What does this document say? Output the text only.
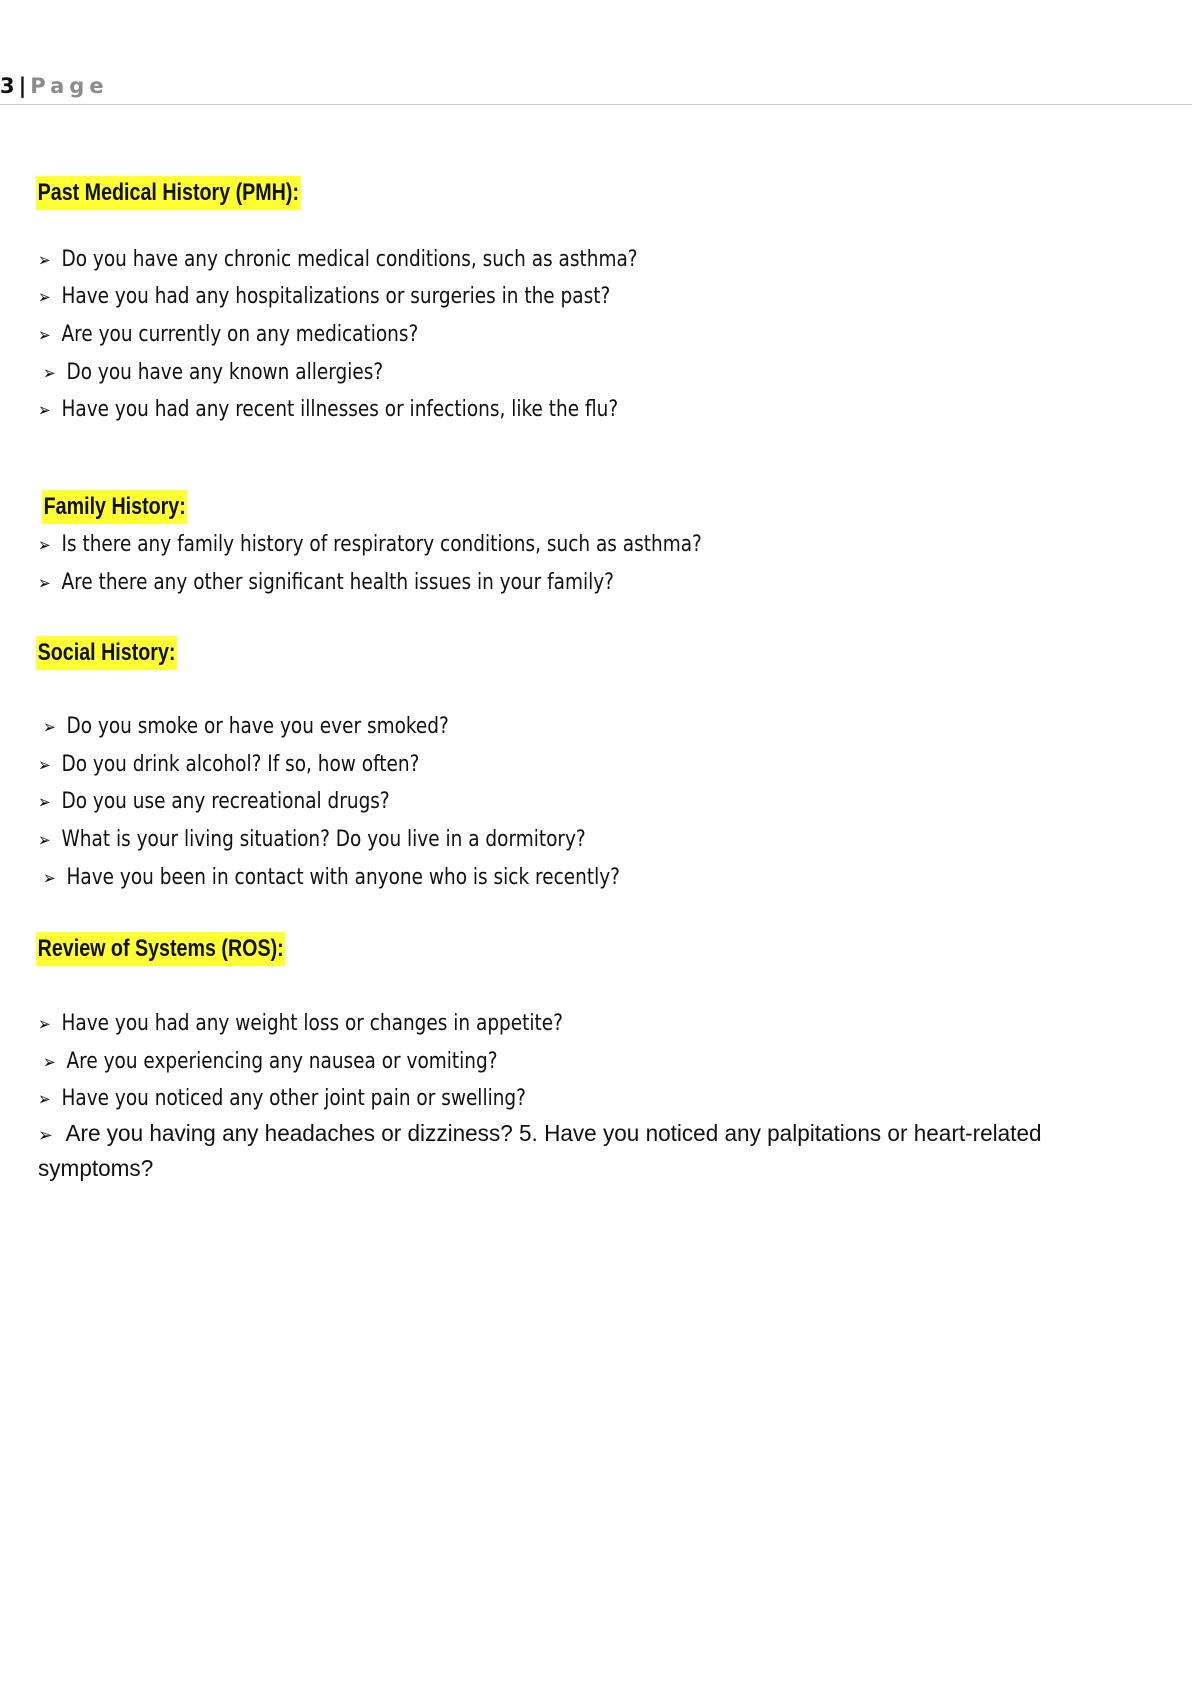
3 | Page
Past Medical History (PMH):

➢ Do you have any chronic medical conditions, such as asthma?

➢ Have you had any hospitalizations or surgeries in the past?

➢ Are you currently on any medications?

➢ Do you have any known allergies?

➢ Have you had any recent illnesses or infections, like the flu?

Family History:

➢ Is there any family history of respiratory conditions, such as asthma?

➢ Are there any other significant health issues in your family?

Social History:

➢ Do you smoke or have you ever smoked?

➢ Do you drink alcohol? If so, how often?

➢ Do you use any recreational drugs?

➢ What is your living situation? Do you live in a dormitory?

➢ Have you been in contact with anyone who is sick recently?

Review of Systems (ROS):

➢ Have you had any weight loss or changes in appetite?

➢ Are you experiencing any nausea or vomiting?

➢ Have you noticed any other joint pain or swelling?

➢ Are you having any headaches or dizziness? 5. Have you noticed any palpitations or heart-related symptoms?
